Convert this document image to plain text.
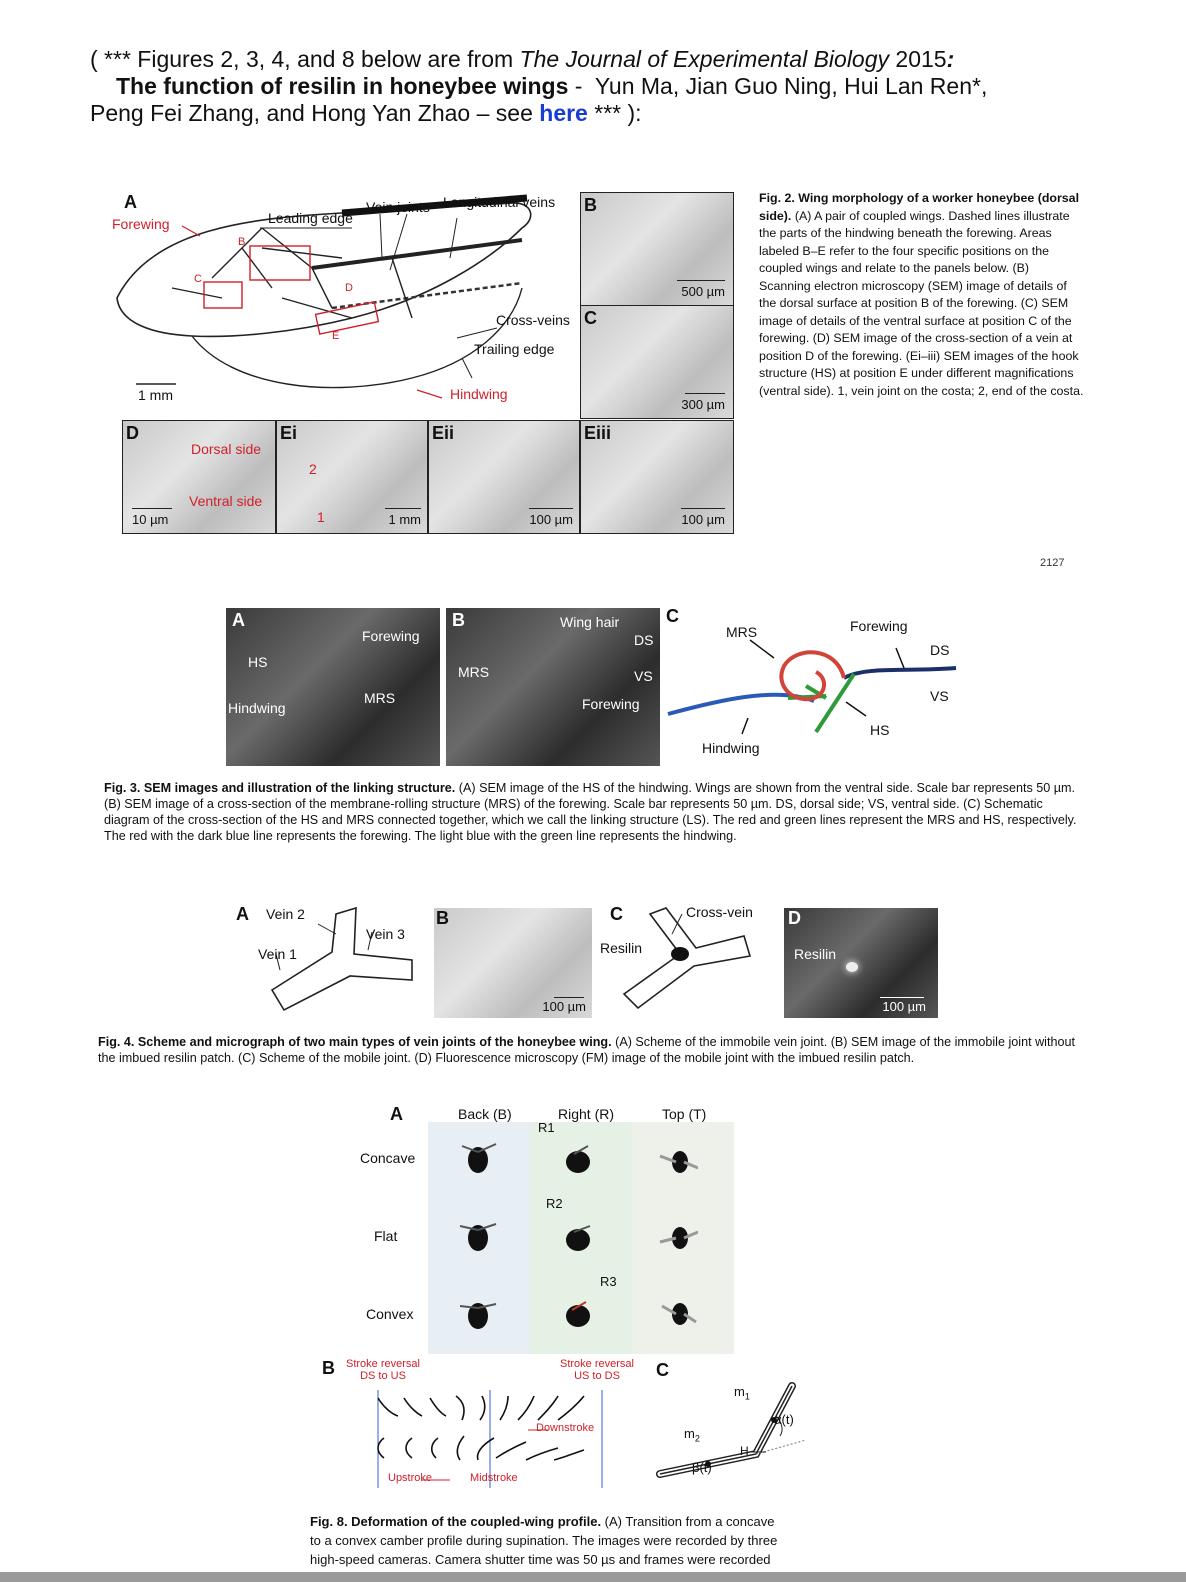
( *** Figures 2, 3, 4, and 8 below are from The Journal of Experimental Biology 2015:
The function of resilin in honeybee wings - Yun Ma, Jian Guo Ning, Hui Lan Ren*,
Peng Fei Zhang, and Hong Yan Zhao – see here *** ):
A
Forewing	Leading edge
Vein joints Longitudinal veins
Cross-veins
Trailing edge
Hindwing
1 mm
B
C
D
E
B
500 µm
C
300 µm
D
Dorsal side
Ventral side
10 µm
Ei
2
1	1 mm
Eii
100 µm
Eiii
100 µm
Fig. 2. Wing morphology of a worker honeybee (dorsal side). (A) A pair of coupled wings. Dashed lines illustrate the parts of the hindwing beneath the forewing. Areas labeled B–E refer to the four specific positions on the coupled wings and relate to the panels below. (B) Scanning electron microscopy (SEM) image of details of the dorsal surface at position B of the forewing. (C) SEM image of details of the ventral surface at position C of the forewing. (D) SEM image of the cross-section of a vein at position D of the forewing. (Ei–iii) SEM images of the hook structure (HS) at position E under different magnifications (ventral side). 1, vein joint on the costa; 2, end of the costa.
2127
A
Forewing
HS
MRS
Hindwing
B	Wing hair
DS
MRS	VS
Forewing
C
MRS	Forewing
DS
VS
HS
Hindwing
Fig. 3. SEM images and illustration of the linking structure. (A) SEM image of the HS of the hindwing. Wings are shown from the ventral side. Scale bar represents 50 µm. (B) SEM image of a cross-section of the membrane-rolling structure (MRS) of the forewing. Scale bar represents 50 µm. DS, dorsal side; VS, ventral side. (C) Schematic diagram of the cross-section of the HS and MRS connected together, which we call the linking structure (LS). The red and green lines represent the MRS and HS, respectively. The red with the dark blue line represents the forewing. The light blue with the green line represents the hindwing.
A Vein 2
Vein 3
Vein 1
B
100 µm
C	Cross-vein
Resilin
D
Resilin
100 µm
Fig. 4. Scheme and micrograph of two main types of vein joints of the honeybee wing. (A) Scheme of the immobile vein joint. (B) SEM image of the immobile joint without the imbued resilin patch. (C) Scheme of the mobile joint. (D) Fluorescence microscopy (FM) image of the mobile joint with the imbued resilin patch.
A	Back (B)	Right (R)	Top (T)
Concave
Flat
Convex
R1
R2
R3
B Stroke reversal
DS to US
Stroke reversal
US to DS
Downstroke
Upstroke	Midstroke
C
$m_1$
$m_2$
α(t)
H
β(t)
Fig. 8. Deformation of the coupled-wing profile. (A) Transition from a concave
to a convex camber profile during supination. The images were recorded by three
high-speed cameras. Camera shutter time was 50 µs and frames were recorded
